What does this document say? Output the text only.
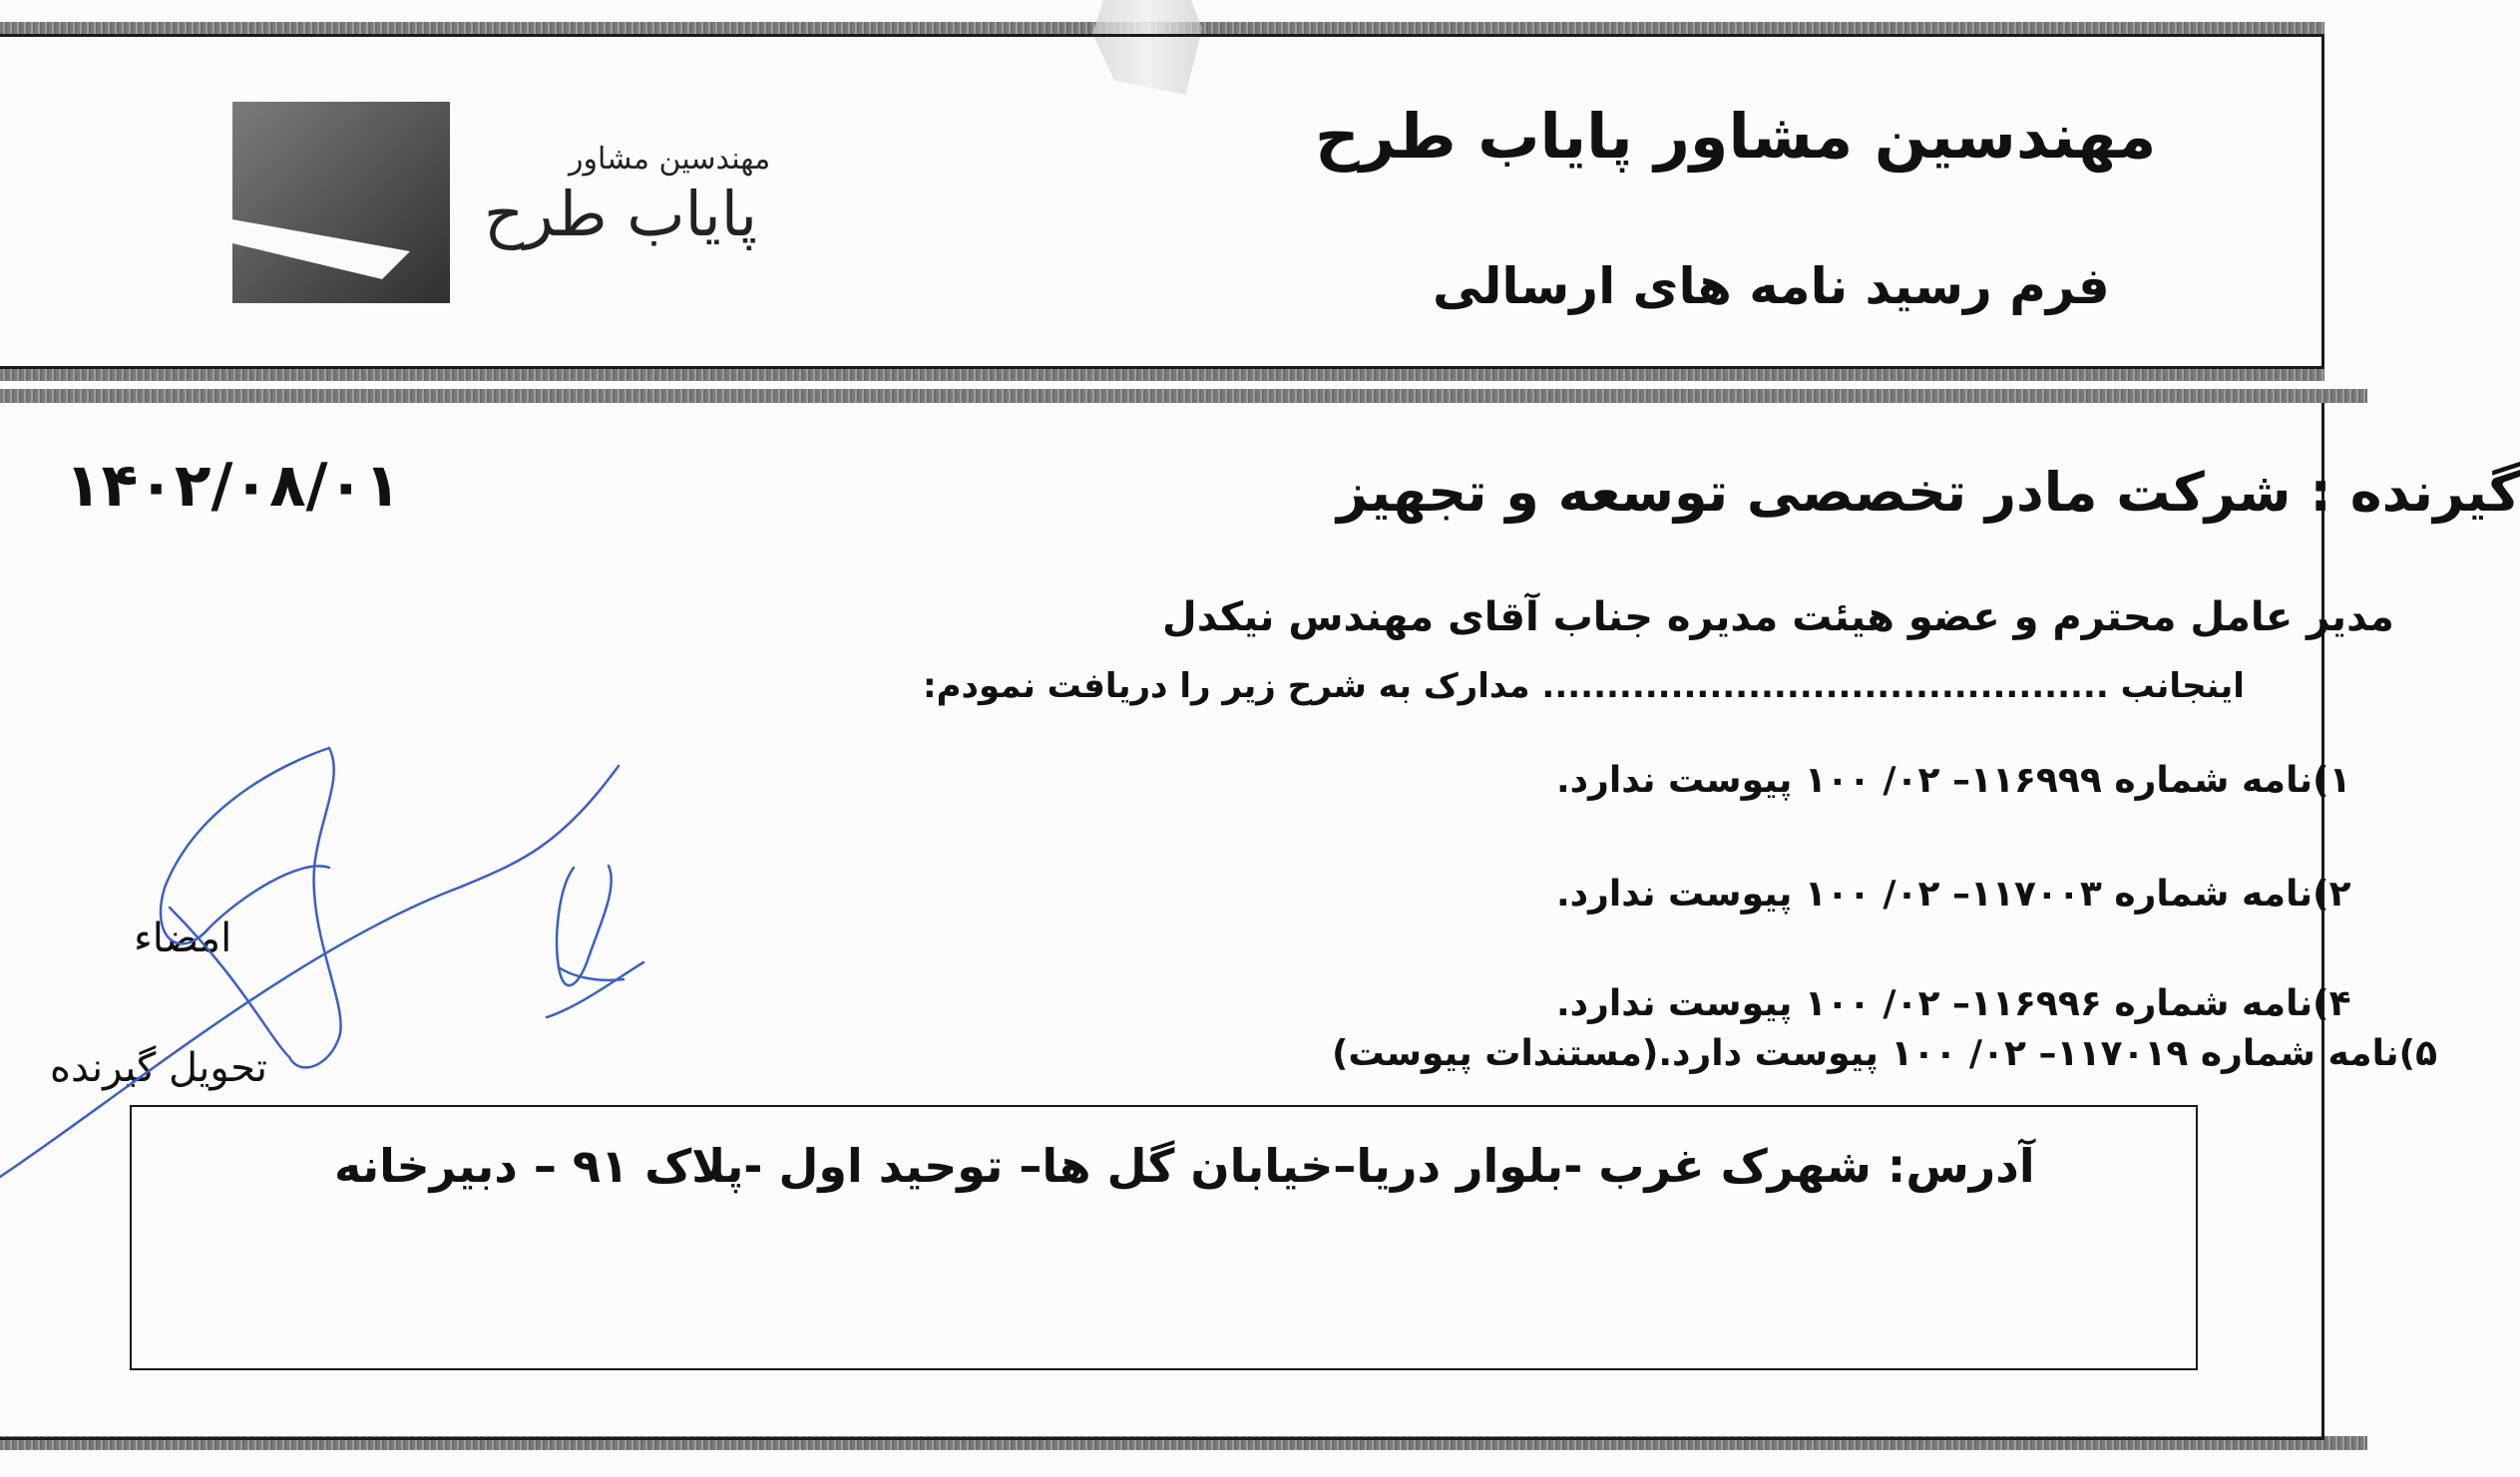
مهندسین مشاور
پایاب طرح
مهندسین مشاور پایاب طرح
فرم رسید نامه های ارسالی
گیرنده : شرکت مادر تخصصی توسعه و تجهیز
۱۴۰۲/۰۸/۰۱
مدیر عامل محترم و عضو هیئت مدیره جناب آقای مهندس نیکدل
اینجانب ............................................ مدارک به شرح زیر را دریافت نمودم:
۱)نامه شماره ۱۱۶۹۹۹– ۰۲/ ۱۰۰ پیوست ندارد.
۲)نامه شماره ۱۱۷۰۰۳– ۰۲/ ۱۰۰ پیوست ندارد.
۴)نامه شماره ۱۱۶۹۹۶– ۰۲/ ۱۰۰ پیوست ندارد.
۵)نامه شماره ۱۱۷۰۱۹– ۰۲/ ۱۰۰ پیوست دارد.(مستندات پیوست)
امضاء
تحویل گیرنده
آدرس: شهرک غرب -بلوار دریا–خیابان گل ها– توحید اول -پلاک ۹۱ – دبیرخانه
